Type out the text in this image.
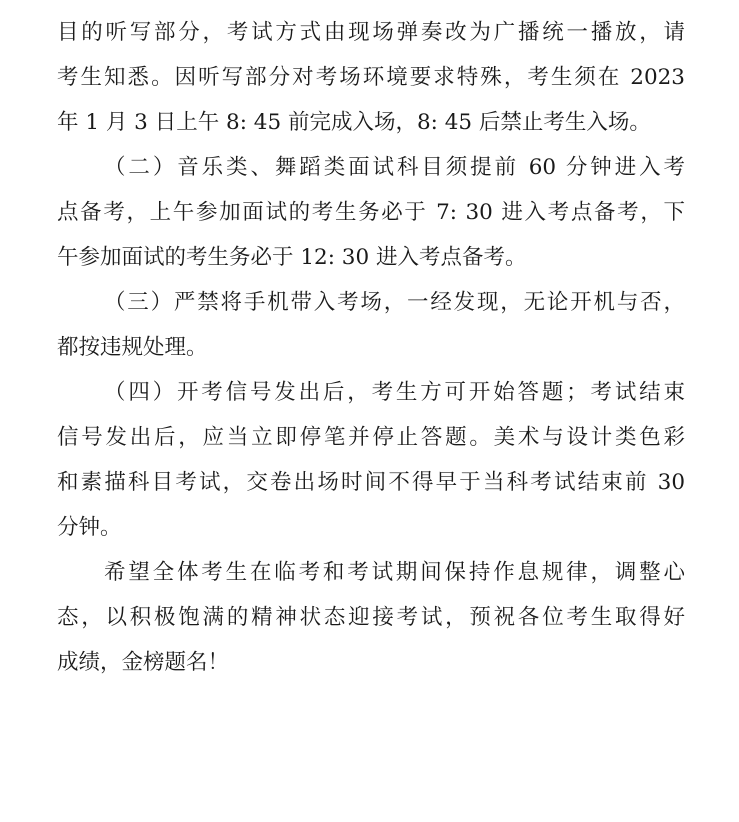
目的听写部分，考试方式由现场弹奏改为广播统一播放，请
考生知悉。因听写部分对考场环境要求特殊，考生须在 2023
年 1 月 3 日上午 8: 45 前完成入场，8: 45 后禁止考生入场。
（二）音乐类、舞蹈类面试科目须提前 60 分钟进入考
点备考，上午参加面试的考生务必于 7: 30 进入考点备考，下
午参加面试的考生务必于 12: 30 进入考点备考。
（三）严禁将手机带入考场，一经发现，无论开机与否，
都按违规处理。
（四）开考信号发出后，考生方可开始答题；考试结束
信号发出后，应当立即停笔并停止答题。美术与设计类色彩
和素描科目考试，交卷出场时间不得早于当科考试结束前 30
分钟。
希望全体考生在临考和考试期间保持作息规律，调整心
态，以积极饱满的精神状态迎接考试，预祝各位考生取得好
成绩，金榜题名！
